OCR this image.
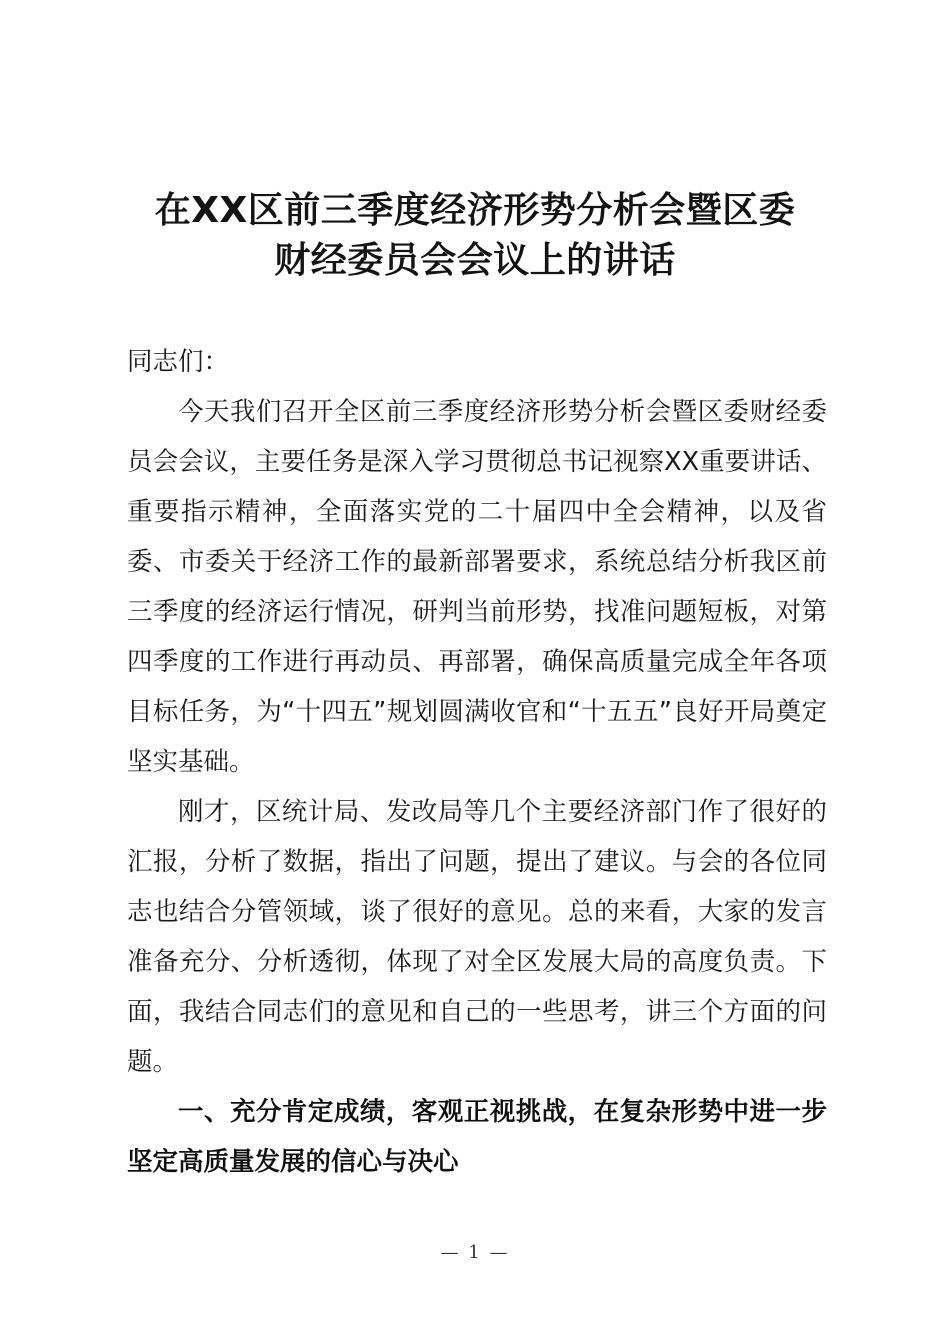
在XX区前三季度经济形势分析会暨区委
财经委员会会议上的讲话

同志们：

今天我们召开全区前三季度经济形势分析会暨区委财经委员会会议，主要任务是深入学习贯彻总书记视察XX重要讲话、重要指示精神，全面落实党的二十届四中全会精神，以及省委、市委关于经济工作的最新部署要求，系统总结分析我区前三季度的经济运行情况，研判当前形势，找准问题短板，对第四季度的工作进行再动员、再部署，确保高质量完成全年各项目标任务，为“十四五”规划圆满收官和“十五五”良好开局奠定坚实基础。

刚才，区统计局、发改局等几个主要经济部门作了很好的汇报，分析了数据，指出了问题，提出了建议。与会的各位同志也结合分管领域，谈了很好的意见。总的来看，大家的发言准备充分、分析透彻，体现了对全区发展大局的高度负责。下面，我结合同志们的意见和自己的一些思考，讲三个方面的问题。

一、充分肯定成绩，客观正视挑战，在复杂形势中进一步坚定高质量发展的信心与决心

— 1 —
